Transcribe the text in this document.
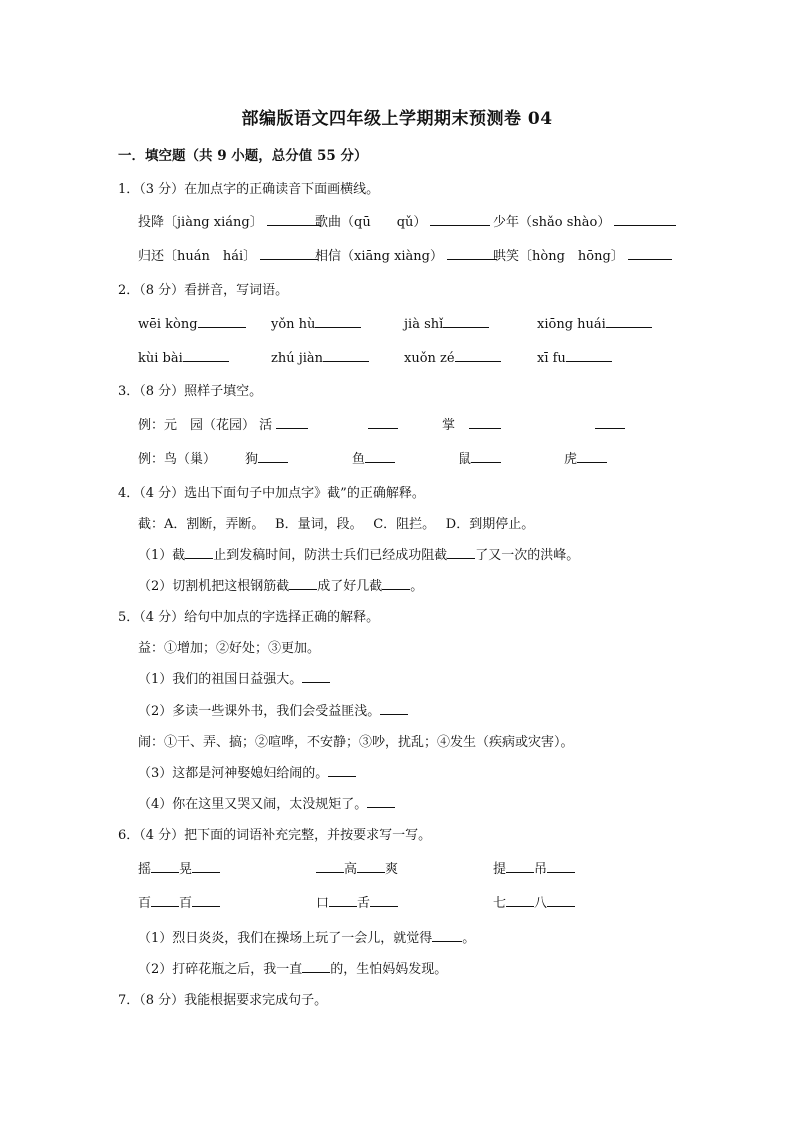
部编版语文四年级上学期期末预测卷 04
一．填空题（共 9 小题，总分值 55 分）
1．（3 分）在加点字的正确读音下面画横线。
投降〔jiàng xiáng〕	歌曲（qū　　qǔ）	少年（shǎo shào）
归还〔huán　hái〕	相信（xiāng xiàng）	哄笑〔hòng　hōng〕
2．（8 分）看拼音，写词语。
wēi kòng	yǒn hù	jià shǐ	xiōng huái
kùi bài	zhú jiàn	xuǒn zé	xī fu
3．（8 分）照样子填空。
例：元　园（花园） 活	掌
例：鸟（巢） 狗	鱼	鼠	虎
4．（4 分）选出下面句子中加点字》截”的正确解释。
截：A．割断，弄断。　 B．量词，段。　 C．阻拦。　 D．到期停止。
（1）截 止到发稿时间，防洪士兵们已经成功阻截 了又一次的洪峰。
（2）切割机把这根钢筋截 成了好几截 。
5．（4 分）给句中加点的字选择正确的解释。
益：①增加；②好处；③更加。
（1）我们的祖国日益强大。
（2）多读一些课外书，我们会受益匪浅。
闹：①干、弄、搞；②喧哗，不安静；③吵，扰乱；④发生（疾病或灾害）。
（3）这都是河神娶媳妇给闹的。
（4）你在这里又哭又闹，太没规矩了。
6．（4 分）把下面的词语补充完整，并按要求写一写。
摇 晃	高 爽	提 吊
百 百	口 舌	七 八
（1）烈日炎炎，我们在操场上玩了一会儿，就觉得 。
（2）打碎花瓶之后，我一直 的，生怕妈妈发现。
7．（8 分）我能根据要求完成句子。
